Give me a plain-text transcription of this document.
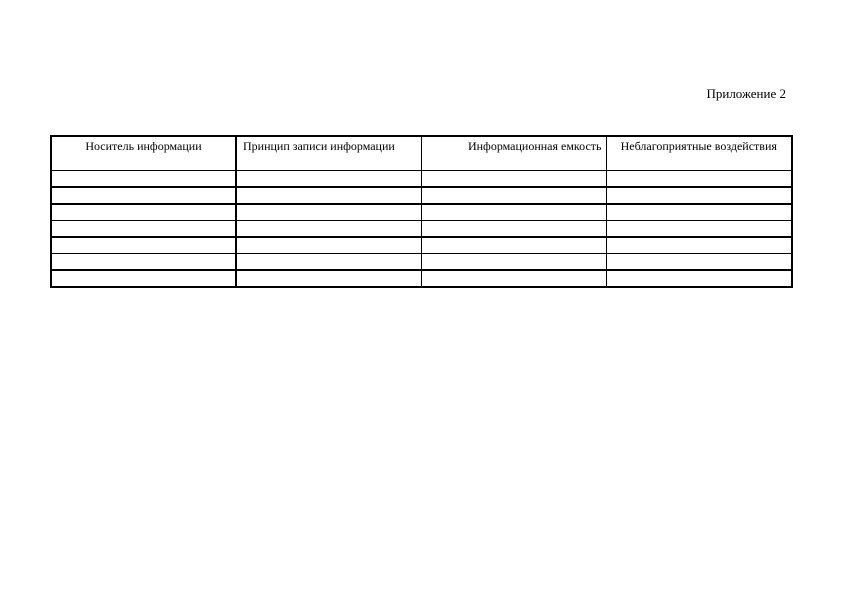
Приложение 2
Носитель информации	Принцип записи информации	Информационная емкость	Неблагоприятные воздействия
